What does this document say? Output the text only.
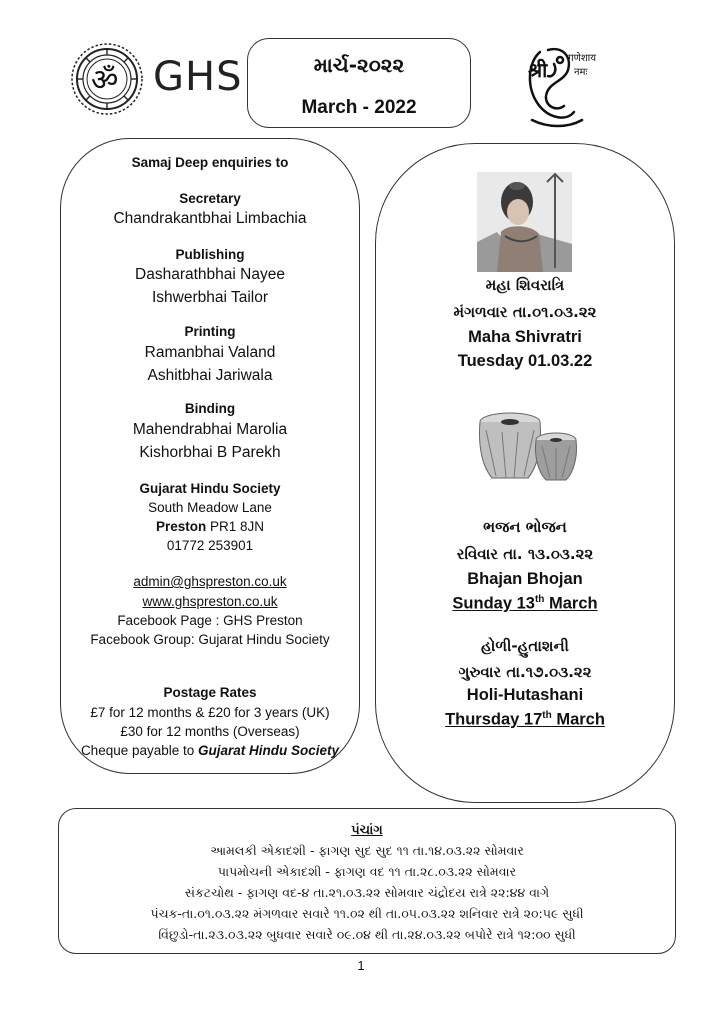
ॐ GHS	માર્ચ-૨૦૨૨
March - 2022
श्री
गणेशाय
नमः
Samaj Deep enquiries to
Secretary
Chandrakantbhai Limbachia
Publishing
Dasharathbhai Nayee
Ishwerbhai Tailor
Printing
Ramanbhai Valand
Ashitbhai Jariwala
Binding
Mahendrabhai Marolia
Kishorbhai B Parekh
Gujarat Hindu Society
South Meadow Lane
Preston PR1 8JN
01772 253901
admin@ghspreston.co.uk
www.ghspreston.co.uk
Facebook Page : GHS Preston
Facebook Group: Gujarat Hindu Society
Postage Rates
£7 for 12 months & £20 for 3 years (UK)
£30 for 12 months (Overseas)
Cheque payable to Gujarat Hindu Society
મહા શિવરાત્રિ
મંગળવાર તા.૦૧.૦૩.૨૨
Maha Shivratri
Tuesday 01.03.22
ભજન ભોજન
રવિવાર તા. ૧૩.૦૩.૨૨
Bhajan Bhojan
Sunday 13th March
હોળી-હુતાશની
ગુરુવાર તા.૧૭.૦૩.૨૨
Holi-Hutashani
Thursday 17th March
પંચાંગ
આમલકી એકાદશી - ફાગણ સુદ સુદ ૧૧ તા.૧૪.૦૩.૨૨ સોમવાર
પાપમોચની એકાદશી - ફાગણ વદ ૧૧ તા.૨૮.૦૩.૨૨ સોમવાર
સંકટચોથ - ફાગણ વદ-૪ તા.૨૧.૦૩.૨૨ સોમવાર ચંદ્રોદય રાત્રે ૨૨:૪૪ વાગે
પંચક-તા.૦૧.૦૩.૨૨ મંગળવાર સવારે ૧૧.૦૨ થી તા.૦૫.૦૩.૨૨ શનિવાર રાત્રે ૨૦:૫૯ સુધી
વિંછુડો-તા.૨૩.૦૩.૨૨ બુધવાર સવારે ૦૯.૦૪ થી તા.૨૪.૦૩.૨૨ બપોરે રાત્રે ૧૨:૦૦ સુધી
1
